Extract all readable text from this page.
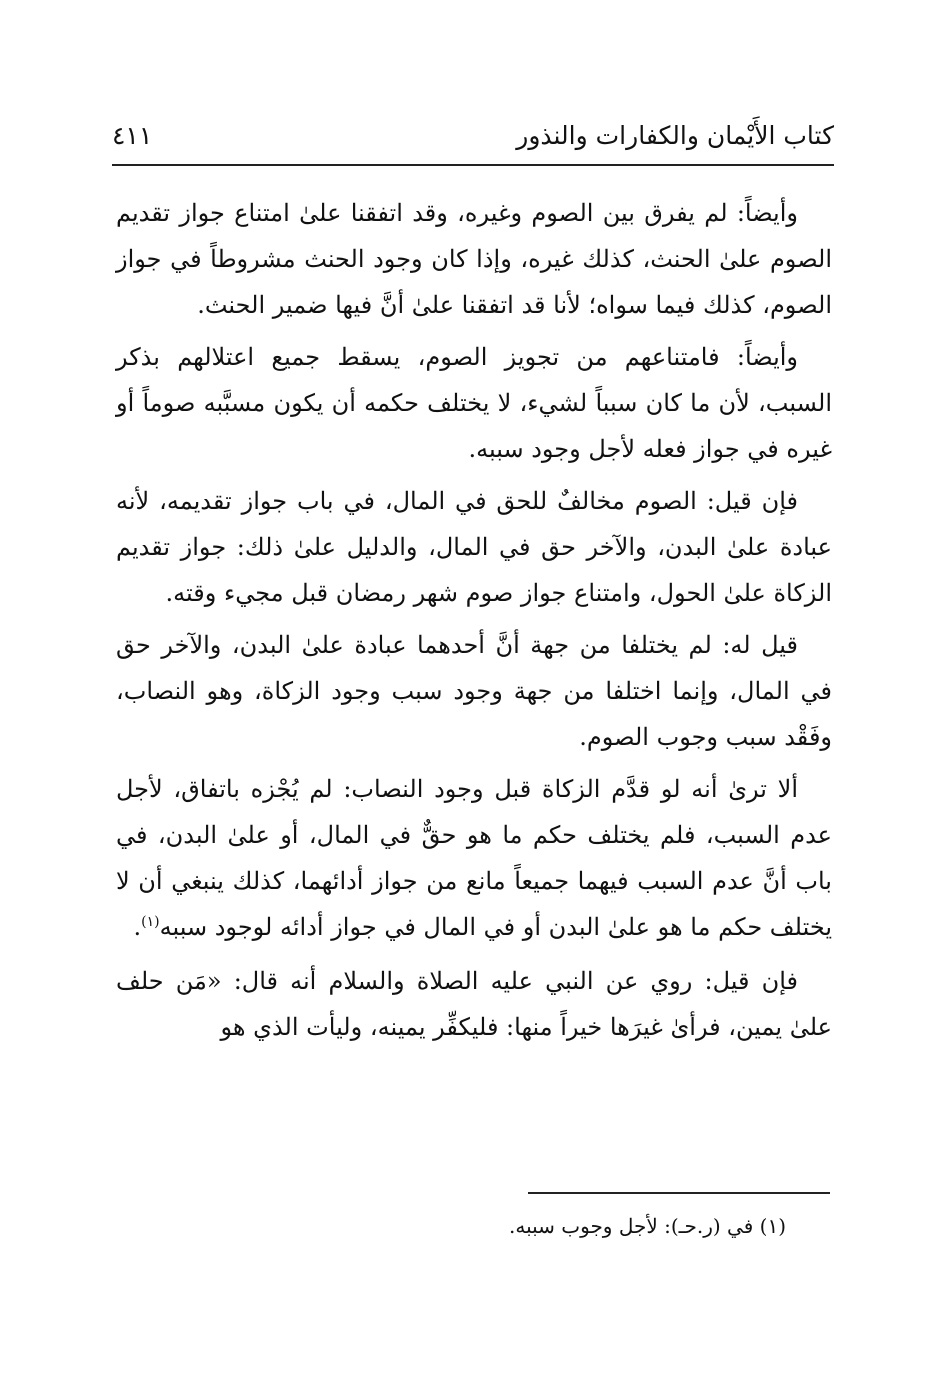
كتاب الأَيْمان والكفارات والنذور
٤١١

وأيضاً: لم يفرق بين الصوم وغيره، وقد اتفقنا علىٰ امتناع جواز تقديم الصوم علىٰ الحنث، كذلك غيره، وإذا كان وجود الحنث مشروطاً في جواز الصوم، كذلك فيما سواه؛ لأنا قد اتفقنا علىٰ أنَّ فيها ضمير الحنث.

وأيضاً: فامتناعهم من تجويز الصوم، يسقط جميع اعتلالهم بذكر السبب، لأن ما كان سبباً لشيء، لا يختلف حكمه أن يكون مسبَّبه صوماً أو غيره في جواز فعله لأجل وجود سببه.

فإن قيل: الصوم مخالفٌ للحق في المال، في باب جواز تقديمه، لأنه عبادة علىٰ البدن، والآخر حق في المال، والدليل علىٰ ذلك: جواز تقديم الزكاة علىٰ الحول، وامتناع جواز صوم شهر رمضان قبل مجيء وقته.

قيل له: لم يختلفا من جهة أنَّ أحدهما عبادة علىٰ البدن، والآخر حق في المال، وإنما اختلفا من جهة وجود سبب وجود الزكاة، وهو النصاب، وفَقْد سبب وجوب الصوم.

ألا ترىٰ أنه لو قدَّم الزكاة قبل وجود النصاب: لم يُجْزه باتفاق، لأجل عدم السبب، فلم يختلف حكم ما هو حقٌّ في المال، أو علىٰ البدن، في باب أنَّ عدم السبب فيهما جميعاً مانع من جواز أدائهما، كذلك ينبغي أن لا يختلف حكم ما هو علىٰ البدن أو في المال في جواز أدائه لوجود سببه$^{(١)}$.

فإن قيل: روي عن النبي عليه الصلاة والسلام أنه قال: «مَن حلف علىٰ يمين، فرأىٰ غيرَها خيراً منها: فليكفِّر يمينه، وليأت الذي هو

(١) في (ر.حـ): لأجل وجوب سببه.
